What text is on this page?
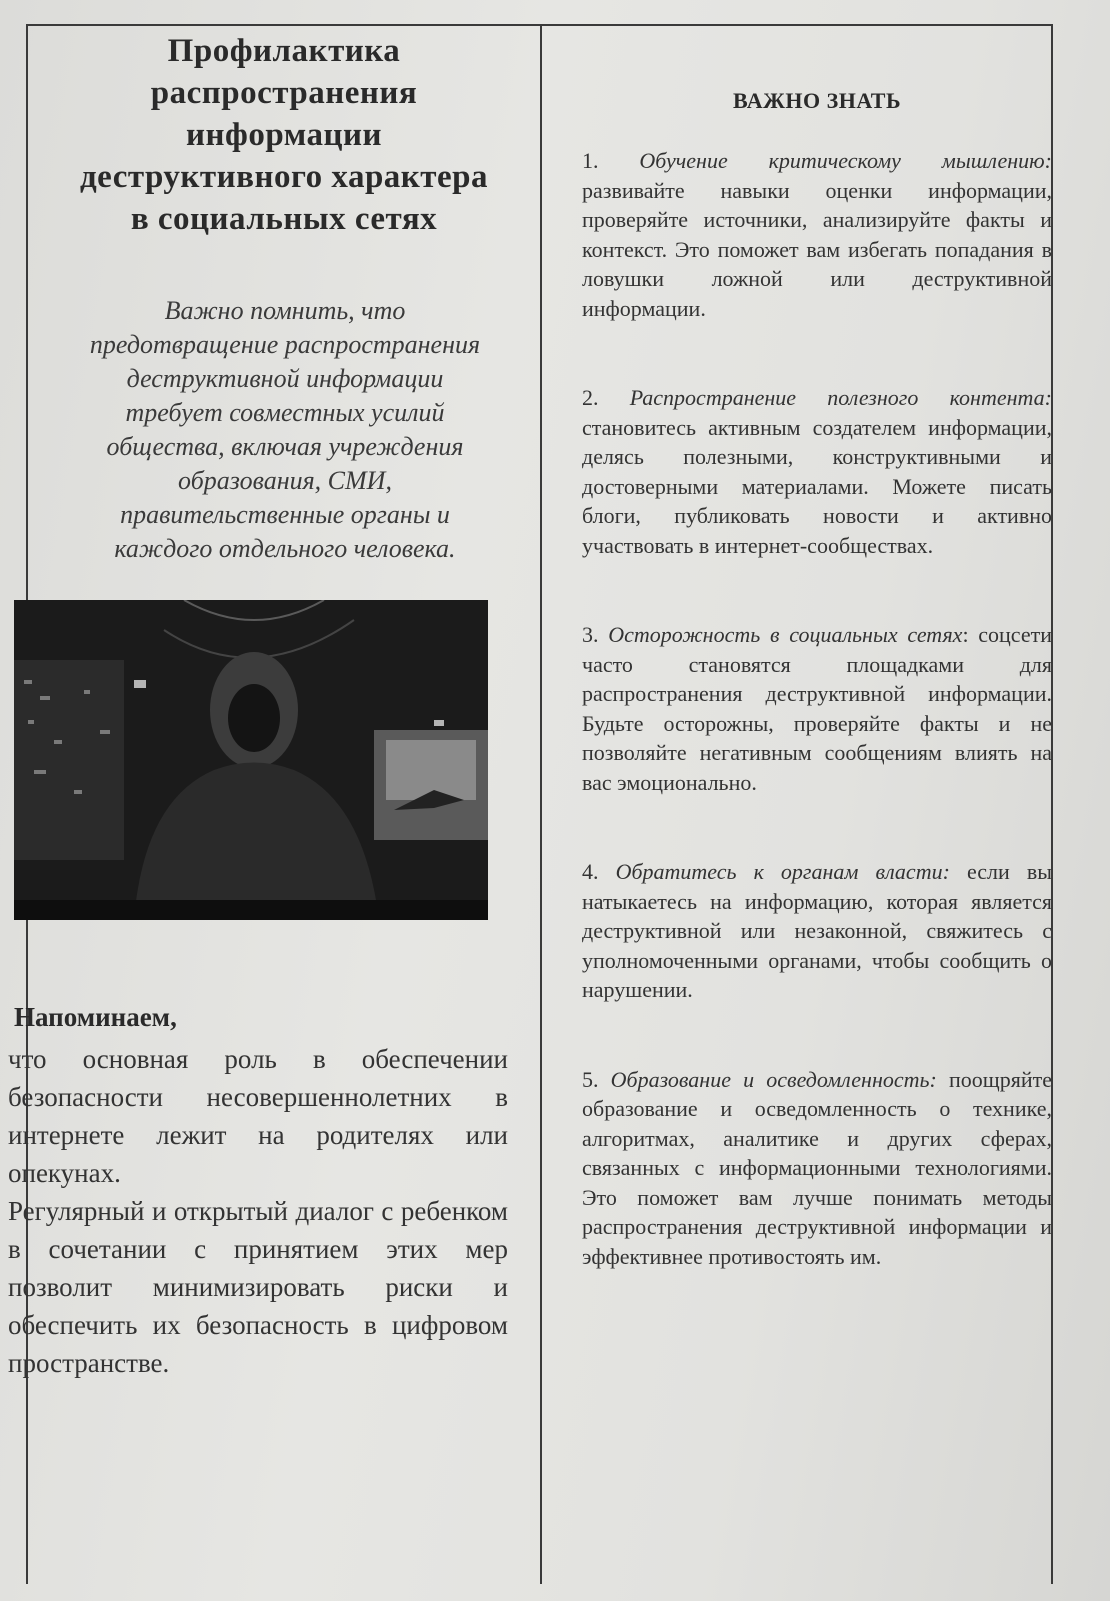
Профилактика
распространения
информации
деструктивного характера
в социальных сетях
Важно помнить, что
предотвращение распространения
деструктивной информации
требует совместных усилий
общества, включая учреждения
образования, СМИ,
правительственные органы и
каждого отдельного человека.
Напоминаем,

что основная роль в обеспечении безопасности несовершеннолетних в интернете лежит на родителях или опекунах.

Регулярный и открытый диалог с ребенком в сочетании с принятием этих мер позволит минимизировать риски и обеспечить их безопасность в цифровом пространстве.

ВАЖНО ЗНАТЬ
1. Обучение критическому мышлению: развивайте навыки оценки информации, проверяйте источники, анализируйте факты и контекст. Это поможет вам избегать попадания в ловушки ложной или деструктивной информации.
2. Распространение полезного контента: становитесь активным создателем информации, делясь полезными, конструктивными и достоверными материалами. Можете писать блоги, публиковать новости и активно участвовать в интернет-сообществах.
3. Осторожность в социальных сетях: соцсети часто становятся площадками для распространения деструктивной информации. Будьте осторожны, проверяйте факты и не позволяйте негативным сообщениям влиять на вас эмоционально.
4. Обратитесь к органам власти: если вы натыкаетесь на информацию, которая является деструктивной или незаконной, свяжитесь с уполномоченными органами, чтобы сообщить о нарушении.
5. Образование и осведомленность: поощряйте образование и осведомленность о технике, алгоритмах, аналитике и других сферах, связанных с информационными технологиями. Это поможет вам лучше понимать методы распространения деструктивной информации и эффективнее противостоять им.
